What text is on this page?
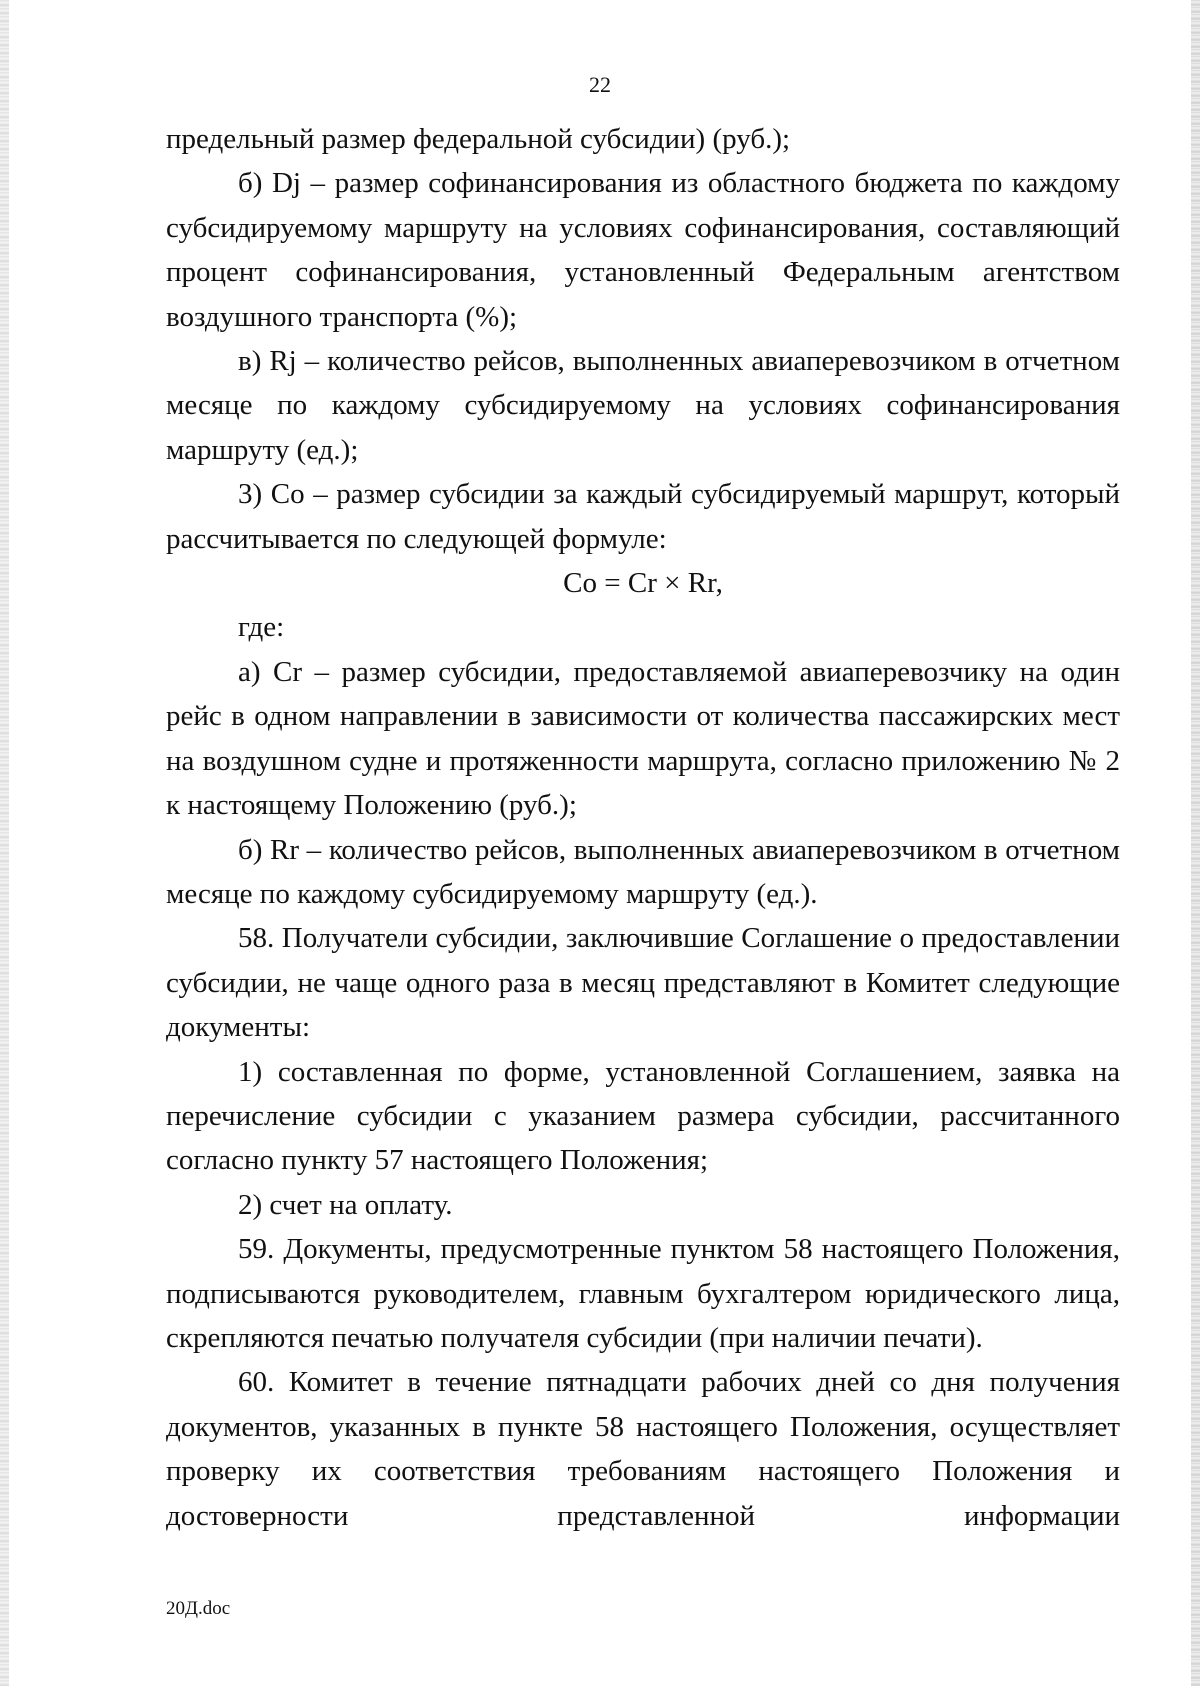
22

предельный размер федеральной субсидии) (руб.);

б) Dj – размер софинансирования из областного бюджета по каждому субсидируемому маршруту на условиях софинансирования, составляющий процент софинансирования, установленный Федеральным агентством воздушного транспорта (%);

в) Rj – количество рейсов, выполненных авиаперевозчиком в отчетном месяце по каждому субсидируемому на условиях софинансирования маршруту (ед.);

3) Co – размер субсидии за каждый субсидируемый маршрут, который рассчитывается по следующей формуле:

Co = Cr × Rr,

где:

а) Cr – размер субсидии, предоставляемой авиаперевозчику на один рейс в одном направлении в зависимости от количества пассажирских мест на воздушном судне и протяженности маршрута, согласно приложению № 2 к настоящему Положению (руб.);

б) Rr – количество рейсов, выполненных авиаперевозчиком в отчетном месяце по каждому субсидируемому маршруту (ед.).

58. Получатели субсидии, заключившие Соглашение о предоставлении субсидии, не чаще одного раза в месяц представляют в Комитет следующие документы:

1) составленная по форме, установленной Соглашением, заявка на перечисление субсидии с указанием размера субсидии, рассчитанного согласно пункту 57 настоящего Положения;

2) счет на оплату.

59. Документы, предусмотренные пунктом 58 настоящего Положения, подписываются руководителем, главным бухгалтером юридического лица, скрепляются печатью получателя субсидии (при наличии печати).

60. Комитет в течение пятнадцати рабочих дней со дня получения документов, указанных в пункте 58 настоящего Положения, осуществляет проверку их соответствия требованиям настоящего Положения и достоверности представленной информации

20Д.doc
